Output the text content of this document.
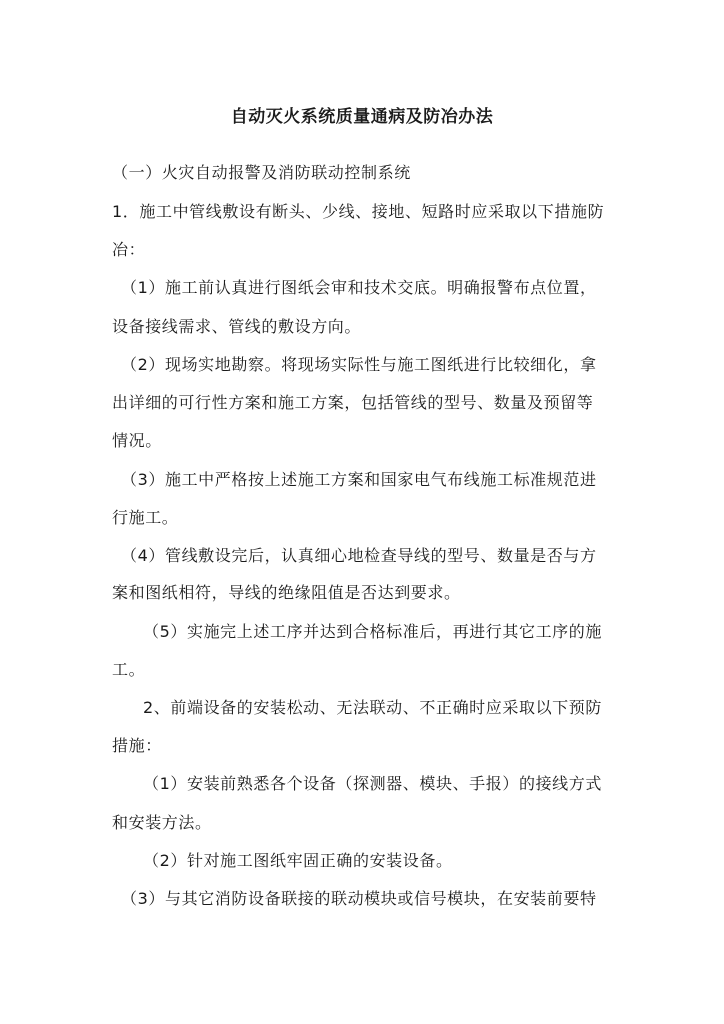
自动灭火系统质量通病及防冶办法
（一）火灾自动报警及消防联动控制系统
1．施工中管线敷设有断头、少线、接地、短路时应采取以下措施防
冶：
（1）施工前认真进行图纸会审和技术交底。明确报警布点位置，
设备接线需求、管线的敷设方向。
（2）现场实地勘察。将现场实际性与施工图纸进行比较细化，拿
出详细的可行性方案和施工方案，包括管线的型号、数量及预留等
情况。
（3）施工中严格按上述施工方案和国家电气布线施工标准规范进
行施工。
（4）管线敷设完后，认真细心地检查导线的型号、数量是否与方
案和图纸相符，导线的绝缘阻值是否达到要求。
（5）实施完上述工序并达到合格标准后，再进行其它工序的施
工。
2、前端设备的安装松动、无法联动、不正确时应采取以下预防
措施：
（1）安装前熟悉各个设备（探测器、模块、手报）的接线方式
和安装方法。
（2）针对施工图纸牢固正确的安装设备。
（3）与其它消防设备联接的联动模块或信号模块，在安装前要特
